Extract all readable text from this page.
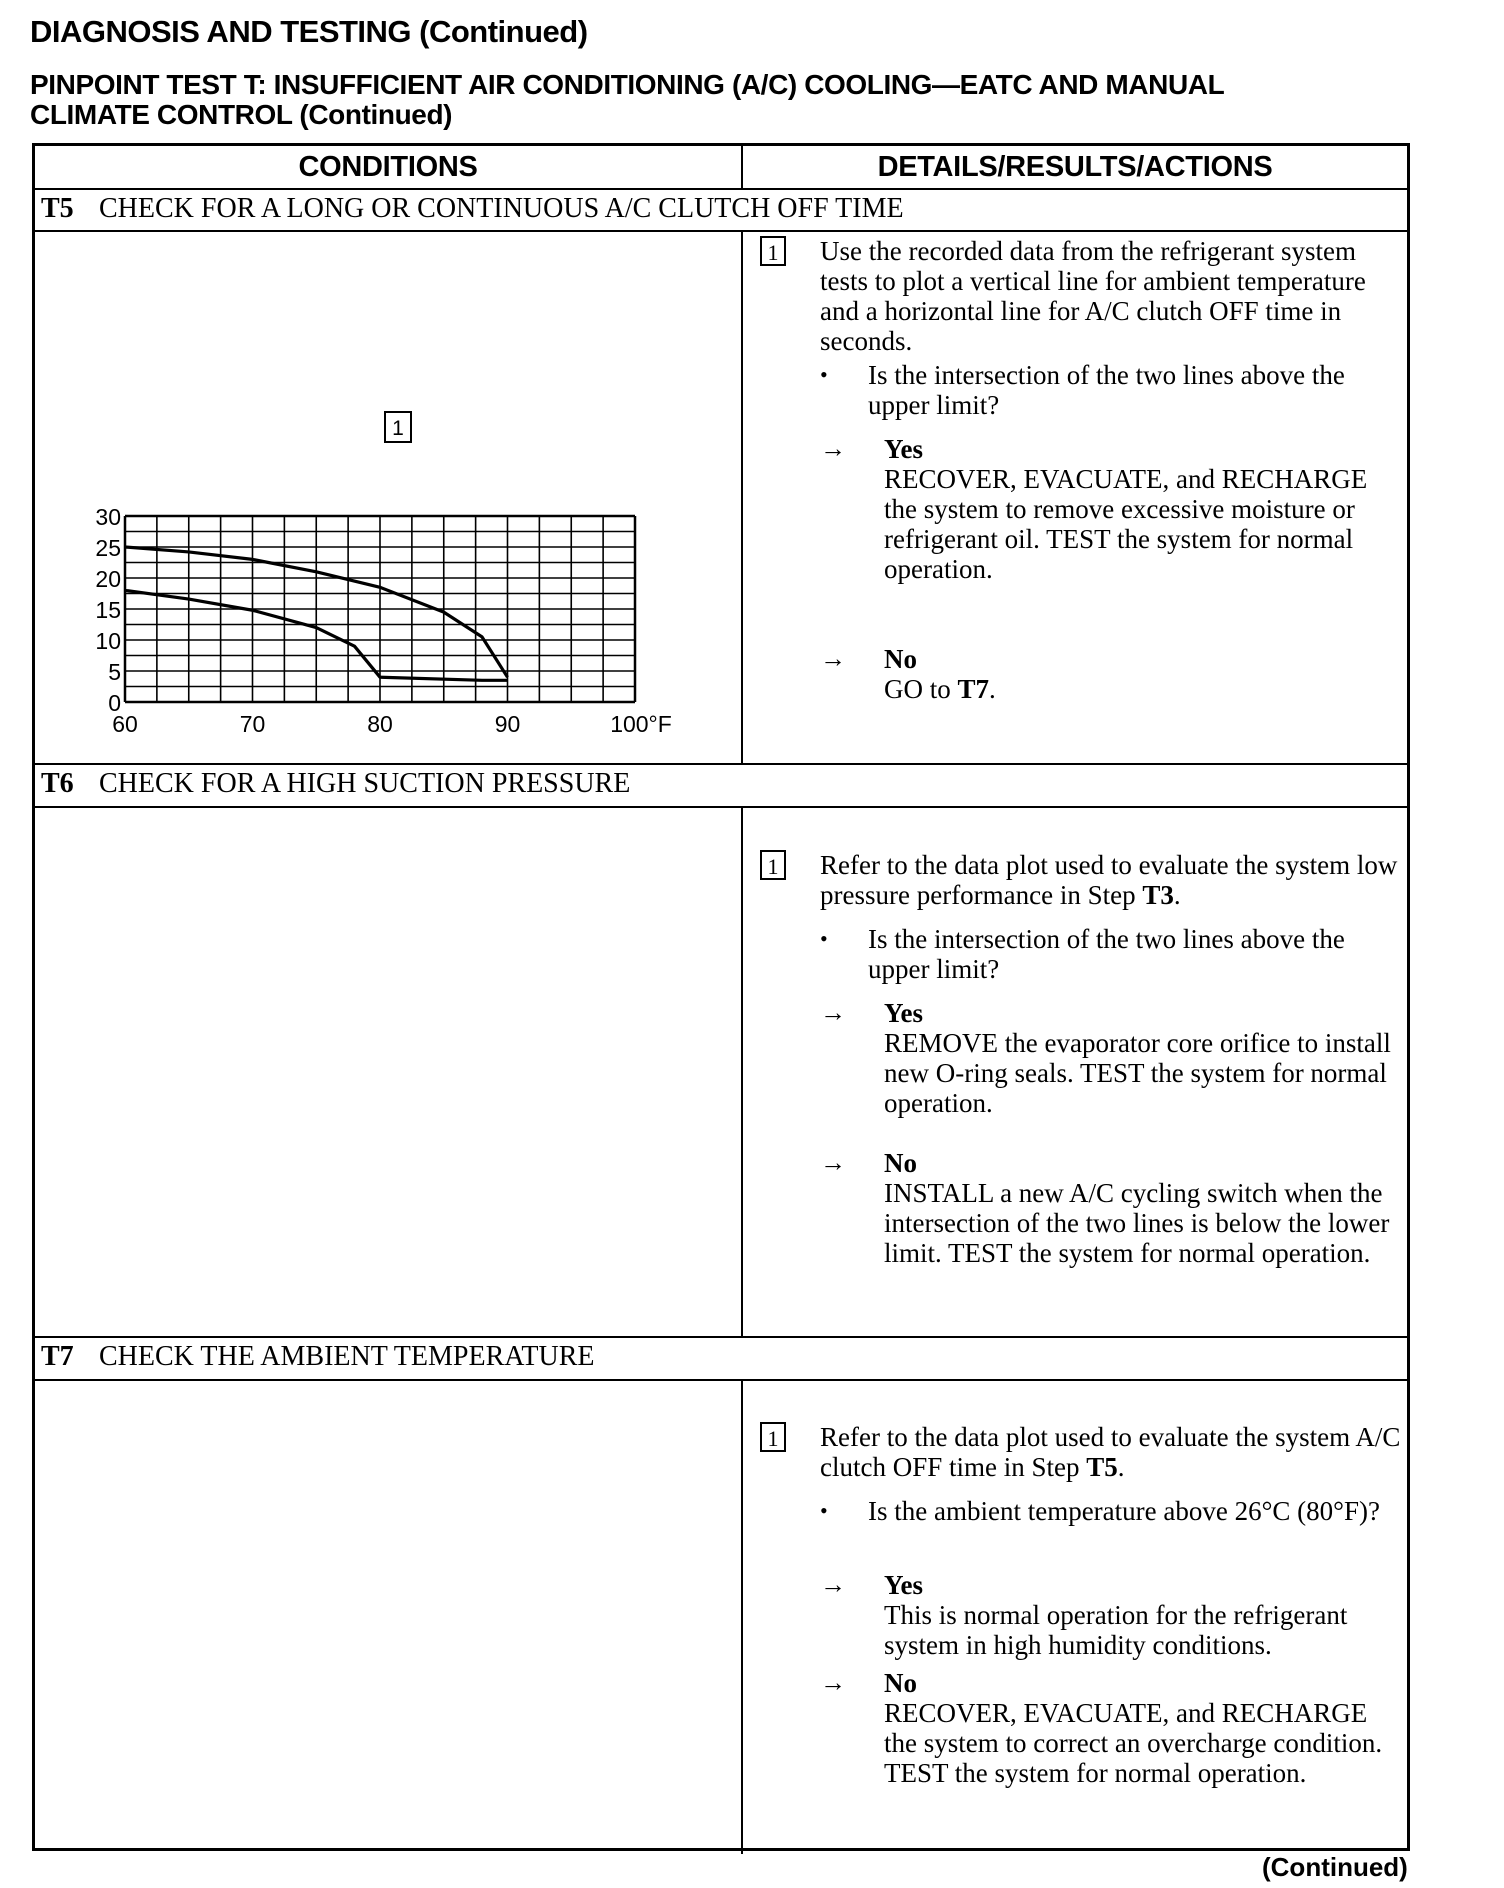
DIAGNOSIS AND TESTING (Continued)
PINPOINT TEST T: INSUFFICIENT AIR CONDITIONING (A/C) COOLING—EATC AND MANUAL
CLIMATE CONTROL (Continued)
CONDITIONS	DETAILS/RESULTS/ACTIONS
T5 CHECK FOR A LONG OR CONTINUOUS A/C CLUTCH OFF TIME
30
25
20
15
10
5
0
60	70	80	90	100°F
1
1 Use the recorded data from the refrigerant system tests to plot a vertical line for ambient temperature and a horizontal line for A/C clutch OFF time in seconds.
• Is the intersection of the two lines above the upper limit?
→ Yes
RECOVER, EVACUATE, and RECHARGE the system to remove excessive moisture or refrigerant oil. TEST the system for normal operation.
→ No
GO to T7.
T6 CHECK FOR A HIGH SUCTION PRESSURE
1 Refer to the data plot used to evaluate the system low pressure performance in Step T3.
• Is the intersection of the two lines above the upper limit?
→ Yes
REMOVE the evaporator core orifice to install new O-ring seals. TEST the system for normal operation.
→ No
INSTALL a new A/C cycling switch when the intersection of the two lines is below the lower limit. TEST the system for normal operation.
T7 CHECK THE AMBIENT TEMPERATURE
1 Refer to the data plot used to evaluate the system A/C clutch OFF time in Step T5.
• Is the ambient temperature above 26°C (80°F)?
→ Yes
This is normal operation for the refrigerant system in high humidity conditions.
→ No
RECOVER, EVACUATE, and RECHARGE the system to correct an overcharge condition. TEST the system for normal operation.
(Continued)
